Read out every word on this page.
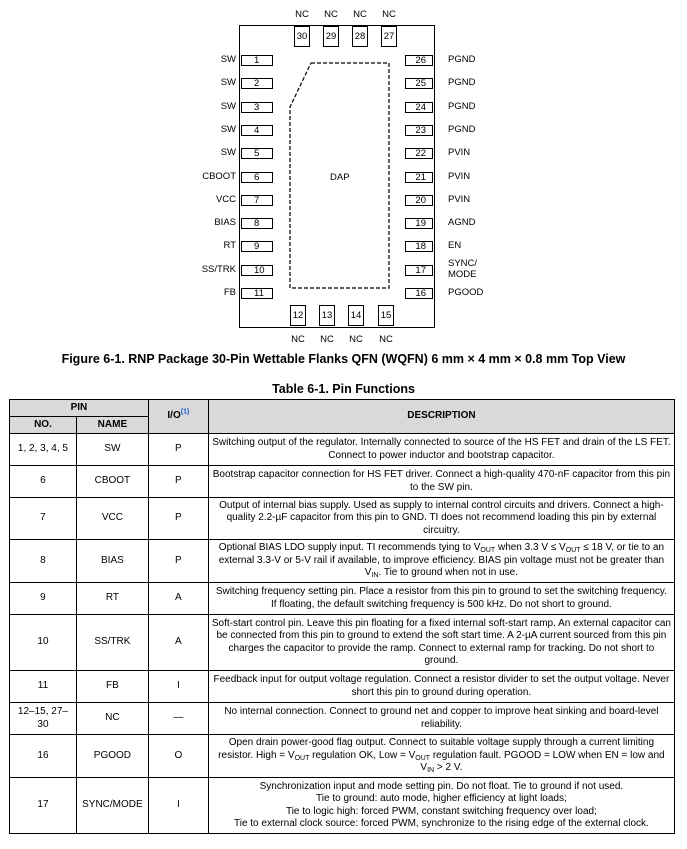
DAP
NC
30
NC
29
NC
28
NC
27
12
NC
13
NC
14
NC
15
NC
SW	1
SW	2
SW	3
SW	4
SW	5
CBOOT	6
VCC	7
BIAS	8
RT	9
SS/TRK	10
FB	11
26	PGND
25	PGND
24	PGND
23	PGND
22	PVIN
21	PVIN
20	PVIN
19	AGND
18	EN
17
SYNC/
MODE
16	PGOOD
Figure 6-1. RNP Package 30-Pin Wettable Flanks QFN (WQFN) 6 mm × 4 mm × 0.8 mm Top View
Table 6-1. Pin Functions
PIN		$I/O^{(1)}$	DESCRIPTION
NO.	NAME		
1, 2, 3, 4, 5	SW	P	Switching output of the regulator. Internally connected to source of the HS FET and drain of the LS FET. Connect to power inductor and bootstrap capacitor.
6	CBOOT	P	Bootstrap capacitor connection for HS FET driver. Connect a high-quality 470-nF capacitor from this pin to the SW pin.
7	VCC	P	Output of internal bias supply. Used as supply to internal control circuits and drivers. Connect a high-quality 2.2-µF capacitor from this pin to GND. TI does not recommend loading this pin by external circuitry.
8	BIAS	P	Optional BIAS LDO supply input. TI recommends tying to $V_{OUT}$ when 3.3 $V \le V_{OUT} \le 18$ V, or tie to an external 3.3-V or 5-V rail if available, to improve efficiency. BIAS pin voltage must not be greater than $V_{IN}$. Tie to ground when not in use.
9	RT	A	Switching frequency setting pin. Place a resistor from this pin to ground to set the switching frequency. If floating, the default switching frequency is 500 kHz. Do not short to ground.
10	SS/TRK	A	Soft-start control pin. Leave this pin floating for a fixed internal soft-start ramp. An external capacitor can be connected from this pin to ground to extend the soft start time. A 2-µA current sourced from this pin charges the capacitor to provide the ramp. Connect to external ramp for tracking. Do not short to ground.
11	FB	I	Feedback input for output voltage regulation. Connect a resistor divider to set the output voltage. Never short this pin to ground during operation.
12–15, 27–30	NC	—	No internal connection. Connect to ground net and copper to improve heat sinking and board-level reliability.
16	PGOOD	O	Open drain power-good flag output. Connect to suitable voltage supply through a current limiting resistor. High = $V_{OUT}$ regulation OK, Low = $V_{OUT}$ regulation fault. PGOOD = LOW when EN = low and $V_{IN} > 2$ V.
17	SYNC/MODE	I	Synchronization input and mode setting pin. Do not float. Tie to ground if not used.
Tie to ground: auto mode, higher efficiency at light loads;
Tie to logic high: forced PWM, constant switching frequency over load;
Tie to external clock source: forced PWM, synchronize to the rising edge of the external clock.
